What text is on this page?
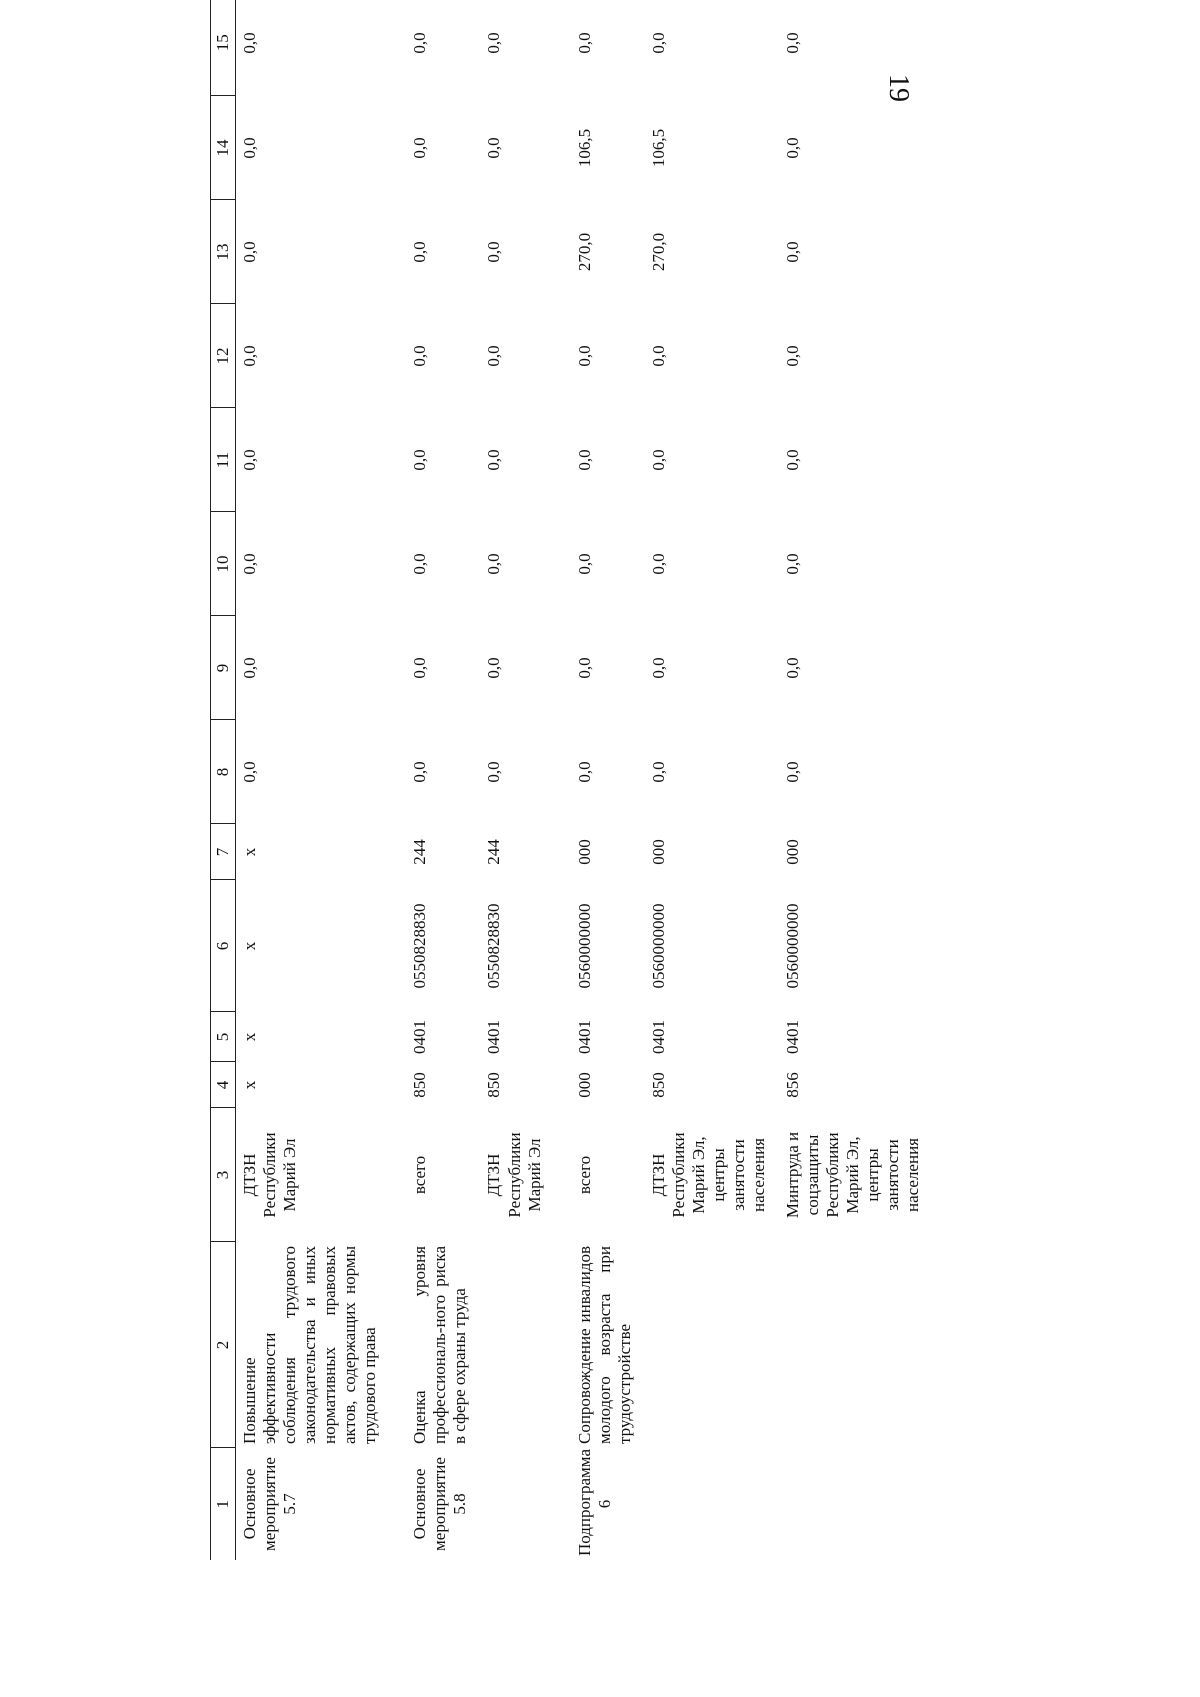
19
1	2	3	4	5	6	7	8	9	10	11	12	13	14	15
Основное мероприятие 5.7	Повышение эффективности соблюдения трудового законодательства и иных нормативных правовых актов, содержащих нормы трудового права	ДТЗН Республики Марий Эл	х	х	х	х	0,0	0,0	0,0	0,0	0,0	0,0	0,0	0,0

Основное мероприятие 5.8	Оценка уровня профессиональ-ного риска в сфере охраны труда	всего	850	0401	0550828830	244	0,0	0,0	0,0	0,0	0,0	0,0	0,0	0,0
		ДТЗН Республики Марий Эл	850	0401	0550828830	244	0,0	0,0	0,0	0,0	0,0	0,0	0,0	0,0

Подпрограмма 6	Сопровождение инвалидов молодого возраста при трудоустройстве	всего	000	0401	0560000000	000	0,0	0,0	0,0	0,0	0,0	270,0	106,5	0,0
		ДТЗН Республики Марий Эл, центры занятости населения	850	0401	0560000000	000	0,0	0,0	0,0	0,0	0,0	270,0	106,5	0,0
		Минтруда и соцзащиты Республики Марий Эл, центры занятости населения	856	0401	0560000000	000	0,0	0,0	0,0	0,0	0,0	0,0	0,0	0,0
